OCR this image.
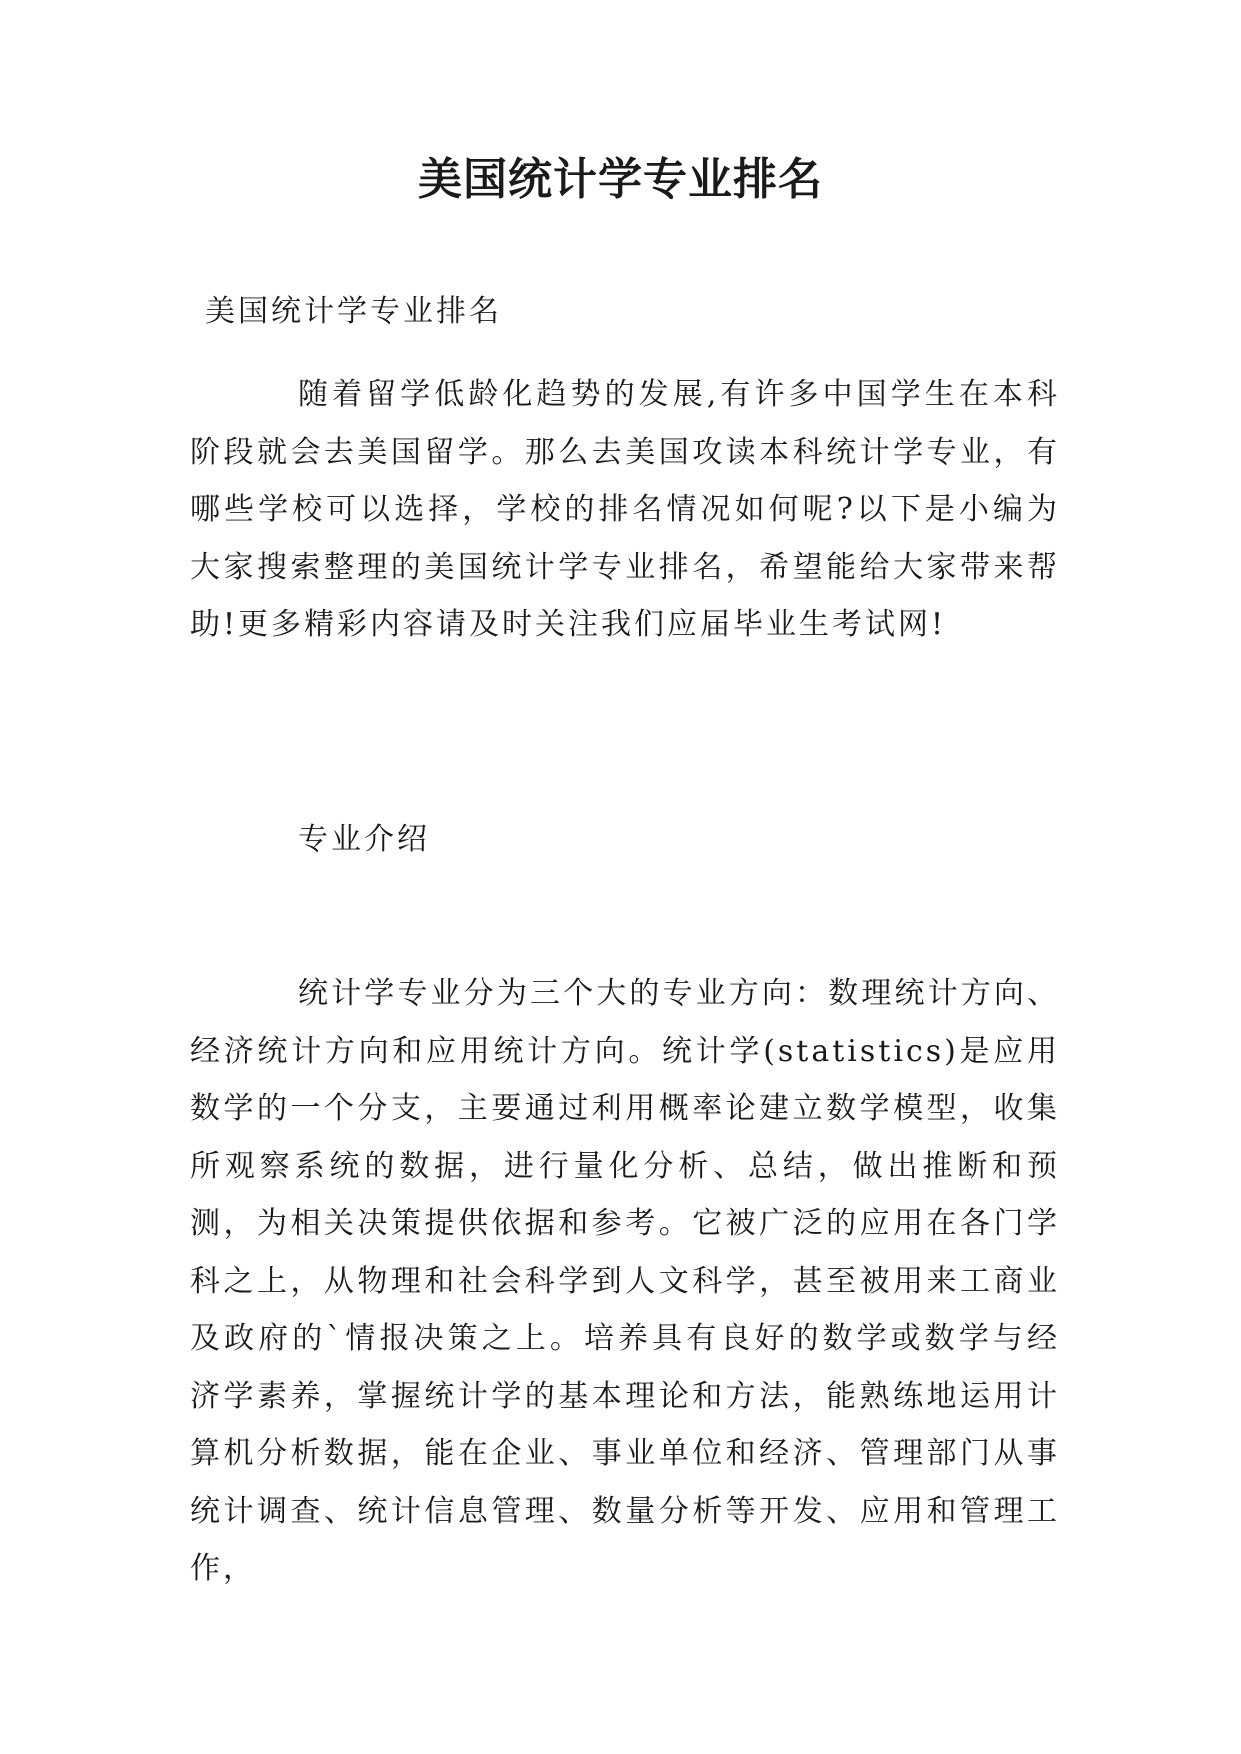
美国统计学专业排名
美国统计学专业排名

随着留学低龄化趋势的发展,有许多中国学生在本科阶段就会去美国留学。那么去美国攻读本科统计学专业，有哪些学校可以选择，学校的排名情况如何呢?以下是小编为大家搜索整理的美国统计学专业排名，希望能给大家带来帮助!更多精彩内容请及时关注我们应届毕业生考试网!

专业介绍

统计学专业分为三个大的专业方向：数理统计方向、经济统计方向和应用统计方向。统计学(statistics)是应用数学的一个分支，主要通过利用概率论建立数学模型，收集所观察系统的数据，进行量化分析、总结，做出推断和预测，为相关决策提供依据和参考。它被广泛的应用在各门学科之上，从物理和社会科学到人文科学，甚至被用来工商业及政府的`情报决策之上。培养具有良好的数学或数学与经济学素养，掌握统计学的基本理论和方法，能熟练地运用计算机分析数据，能在企业、事业单位和经济、管理部门从事统计调查、统计信息管理、数量分析等开发、应用和管理工作，
